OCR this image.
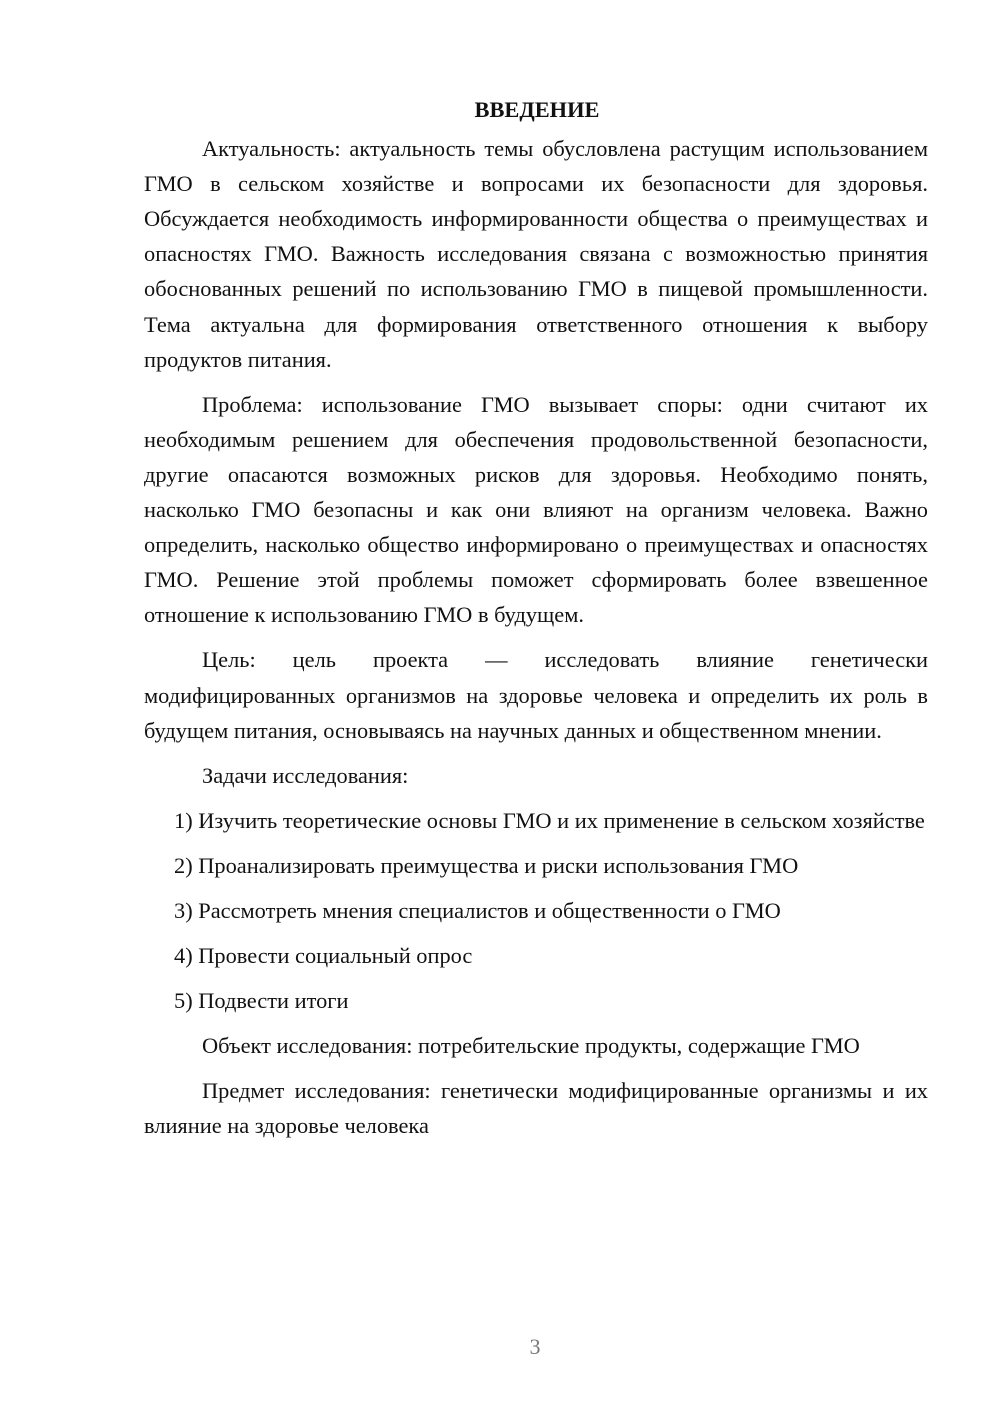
ВВЕДЕНИЕ

Актуальность: актуальность темы обусловлена растущим использованием ГМО в сельском хозяйстве и вопросами их безопасности для здоровья. Обсуждается необходимость информированности общества о преимуществах и опасностях ГМО. Важность исследования связана с возможностью принятия обоснованных решений по использованию ГМО в пищевой промышленности. Тема актуальна для формирования ответственного отношения к выбору продуктов питания.

Проблема: использование ГМО вызывает споры: одни считают их необходимым решением для обеспечения продовольственной безопасности, другие опасаются возможных рисков для здоровья. Необходимо понять, насколько ГМО безопасны и как они влияют на организм человека. Важно определить, насколько общество информировано о преимуществах и опасностях ГМО. Решение этой проблемы поможет сформировать более взвешенное отношение к использованию ГМО в будущем.

Цель: цель проекта — исследовать влияние генетически модифицированных организмов на здоровье человека и определить их роль в будущем питания, основываясь на научных данных и общественном мнении.

Задачи исследования:

1) Изучить теоретические основы ГМО и их применение в сельском хозяйстве

2) Проанализировать преимущества и риски использования ГМО

3) Рассмотреть мнения специалистов и общественности о ГМО

4) Провести социальный опрос

5) Подвести итоги

Объект исследования: потребительские продукты, содержащие ГМО

Предмет исследования: генетически модифицированные организмы и их влияние на здоровье человека

3
